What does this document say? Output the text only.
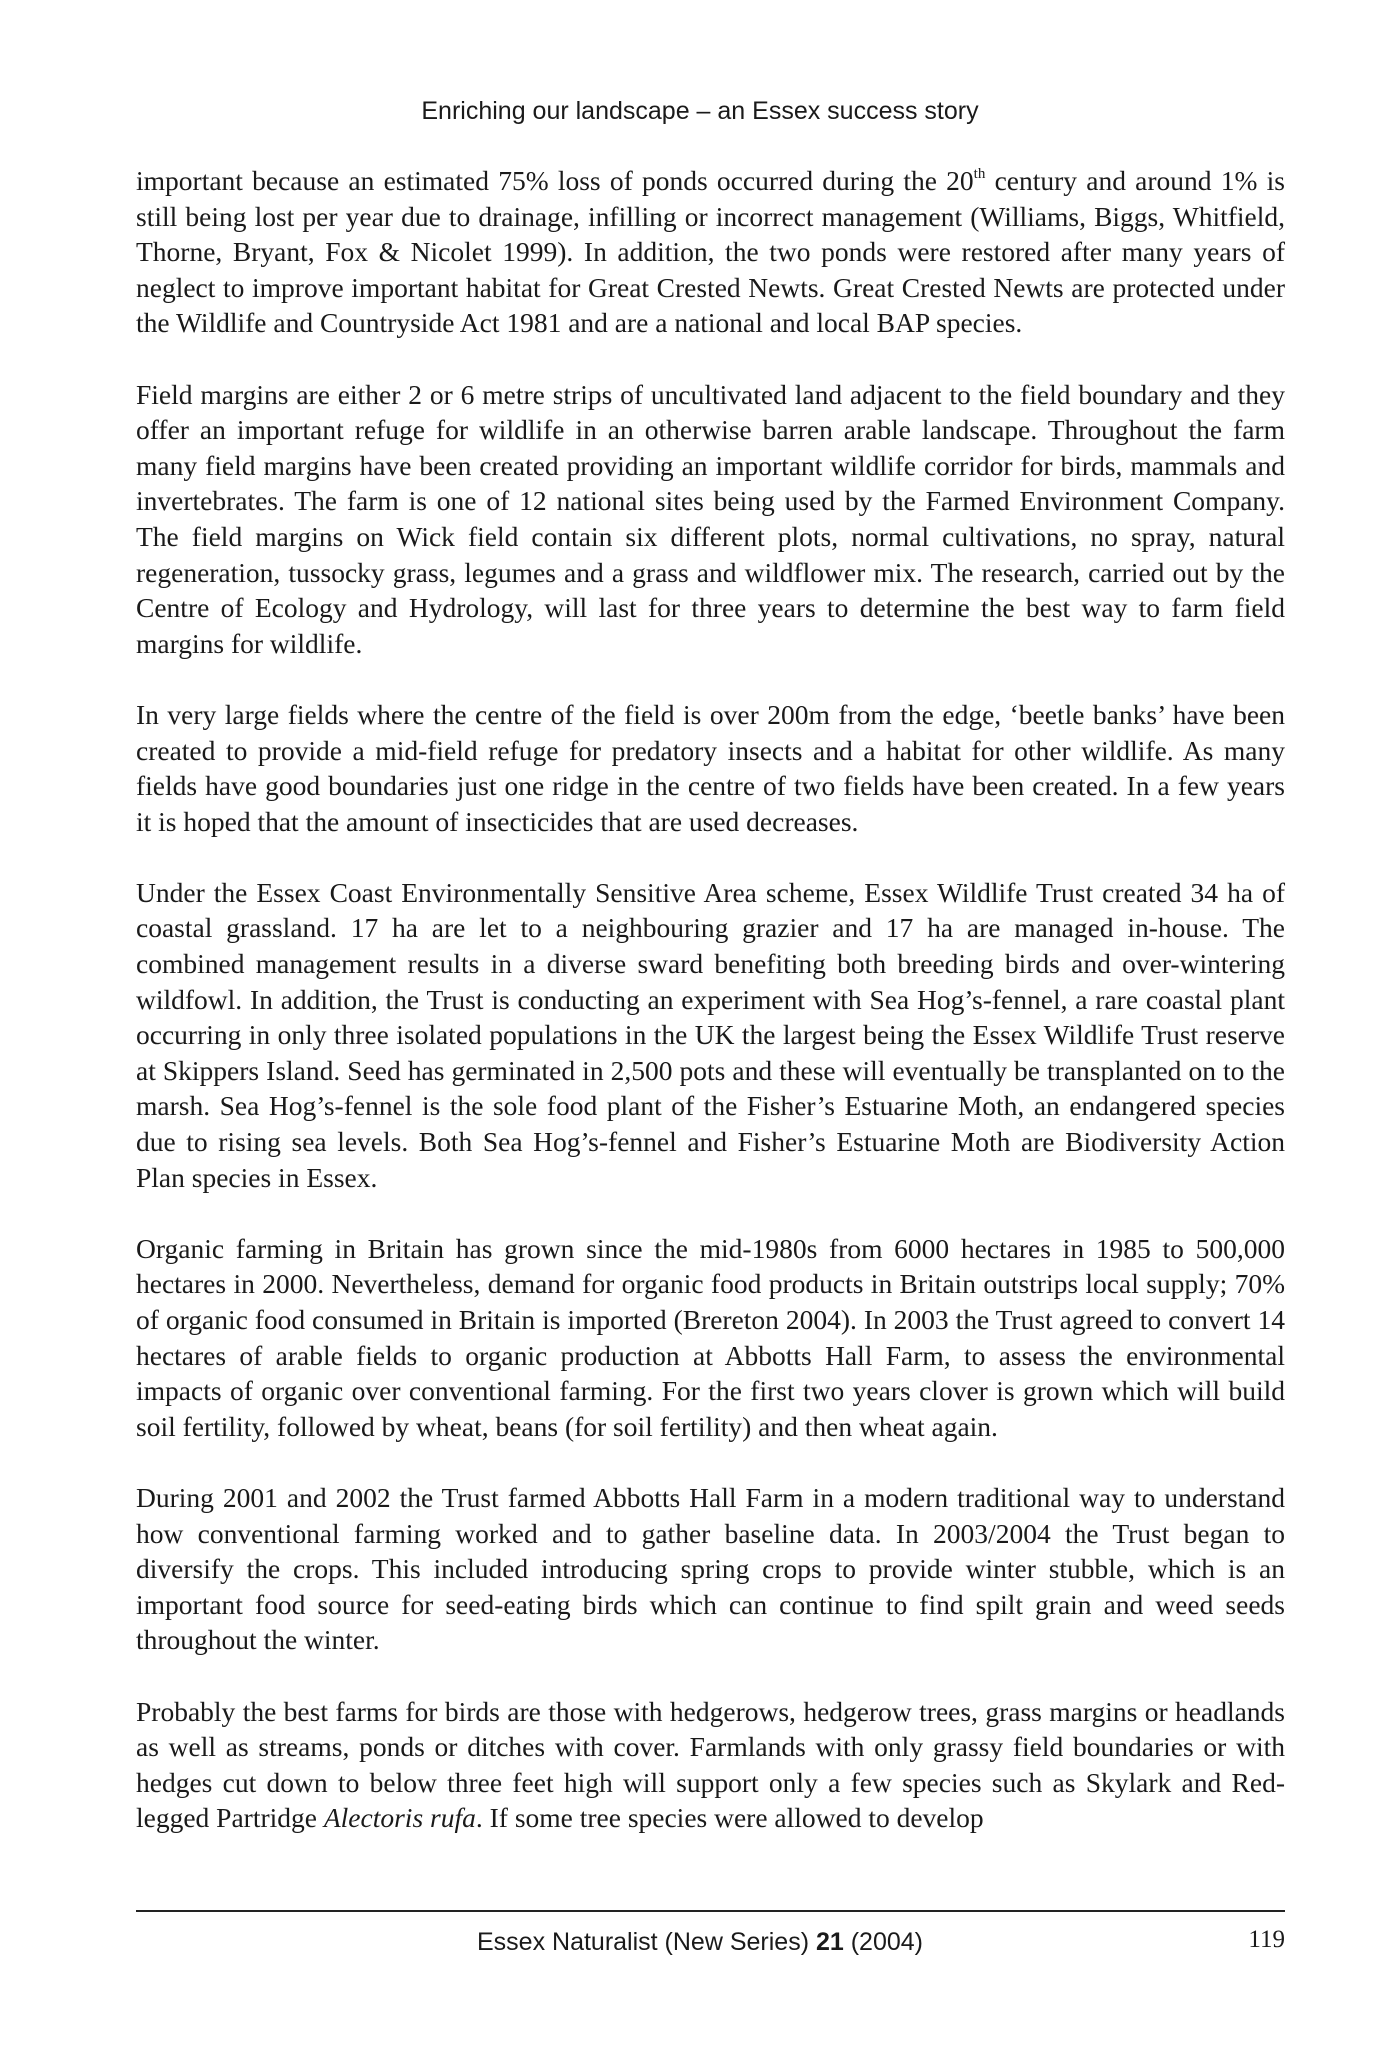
Enriching our landscape – an Essex success story

important because an estimated 75% loss of ponds occurred during the 20th century and around 1% is still being lost per year due to drainage, infilling or incorrect management (Williams, Biggs, Whitfield, Thorne, Bryant, Fox & Nicolet 1999). In addition, the two ponds were restored after many years of neglect to improve important habitat for Great Crested Newts. Great Crested Newts are protected under the Wildlife and Countryside Act 1981 and are a national and local BAP species.

Field margins are either 2 or 6 metre strips of uncultivated land adjacent to the field boundary and they offer an important refuge for wildlife in an otherwise barren arable landscape. Throughout the farm many field margins have been created providing an important wildlife corridor for birds, mammals and invertebrates. The farm is one of 12 national sites being used by the Farmed Environment Company. The field margins on Wick field contain six different plots, normal cultivations, no spray, natural regeneration, tussocky grass, legumes and a grass and wildflower mix. The research, carried out by the Centre of Ecology and Hydrology, will last for three years to determine the best way to farm field margins for wildlife.

In very large fields where the centre of the field is over 200m from the edge, ‘beetle banks’ have been created to provide a mid-field refuge for predatory insects and a habitat for other wildlife. As many fields have good boundaries just one ridge in the centre of two fields have been created. In a few years it is hoped that the amount of insecticides that are used decreases.

Under the Essex Coast Environmentally Sensitive Area scheme, Essex Wildlife Trust created 34 ha of coastal grassland. 17 ha are let to a neighbouring grazier and 17 ha are managed in-house. The combined management results in a diverse sward benefiting both breeding birds and over-wintering wildfowl. In addition, the Trust is conducting an experiment with Sea Hog’s-fennel, a rare coastal plant occurring in only three isolated populations in the UK the largest being the Essex Wildlife Trust reserve at Skippers Island. Seed has germinated in 2,500 pots and these will eventually be transplanted on to the marsh. Sea Hog’s-fennel is the sole food plant of the Fisher’s Estuarine Moth, an endangered species due to rising sea levels. Both Sea Hog’s-fennel and Fisher’s Estuarine Moth are Biodiversity Action Plan species in Essex.

Organic farming in Britain has grown since the mid-1980s from 6000 hectares in 1985 to 500,000 hectares in 2000. Nevertheless, demand for organic food products in Britain outstrips local supply; 70% of organic food consumed in Britain is imported (Brereton 2004). In 2003 the Trust agreed to convert 14 hectares of arable fields to organic production at Abbotts Hall Farm, to assess the environmental impacts of organic over conventional farming. For the first two years clover is grown which will build soil fertility, followed by wheat, beans (for soil fertility) and then wheat again.

During 2001 and 2002 the Trust farmed Abbotts Hall Farm in a modern traditional way to understand how conventional farming worked and to gather baseline data. In 2003/2004 the Trust began to diversify the crops. This included introducing spring crops to provide winter stubble, which is an important food source for seed-eating birds which can continue to find spilt grain and weed seeds throughout the winter.

Probably the best farms for birds are those with hedgerows, hedgerow trees, grass margins or headlands as well as streams, ponds or ditches with cover. Farmlands with only grassy field boundaries or with hedges cut down to below three feet high will support only a few species such as Skylark and Red-legged Partridge Alectoris rufa. If some tree species were allowed to develop

Essex Naturalist (New Series) 21 (2004)	119
